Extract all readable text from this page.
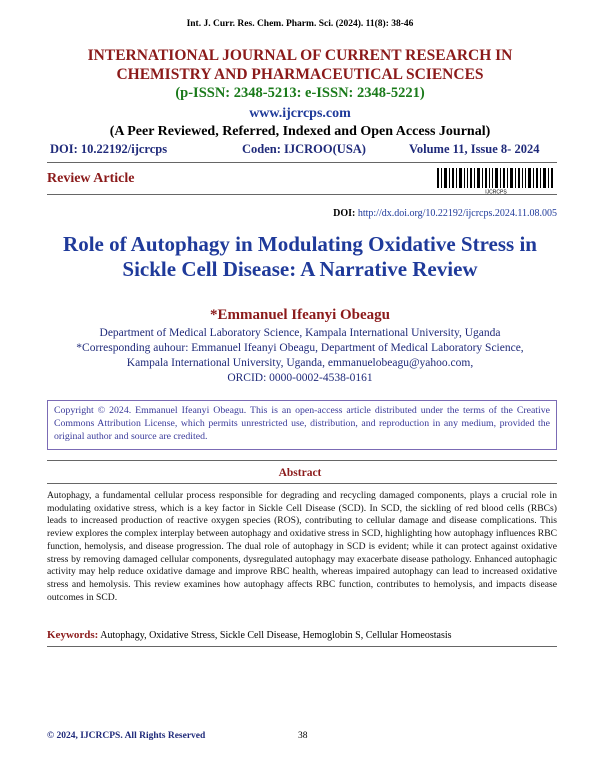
Int. J. Curr. Res. Chem. Pharm. Sci. (2024). 11(8): 38-46
INTERNATIONAL JOURNAL OF CURRENT RESEARCH IN
CHEMISTRY AND PHARMACEUTICAL SCIENCES
(p-ISSN: 2348-5213: e-ISSN: 2348-5221)
www.ijcrcps.com
(A Peer Reviewed, Referred, Indexed and Open Access Journal)
DOI: 10.22192/ijcrcps	Coden: IJCROO(USA)	Volume 11, Issue 8- 2024
Review Article
IJCRCPS
DOI: http://dx.doi.org/10.22192/ijcrcps.2024.11.08.005
Role of Autophagy in Modulating Oxidative Stress in
Sickle Cell Disease: A Narrative Review
*Emmanuel Ifeanyi Obeagu
Department of Medical Laboratory Science, Kampala International University, Uganda
*Corresponding auhour: Emmanuel Ifeanyi Obeagu, Department of Medical Laboratory Science,
Kampala International University, Uganda, emmanuelobeagu@yahoo.com,
ORCID: 0000-0002-4538-0161
Copyright © 2024. Emmanuel Ifeanyi Obeagu. This is an open-access article distributed under the terms of the Creative Commons Attribution License, which permits unrestricted use, distribution, and reproduction in any medium, provided the original author and source are credited.
Abstract
Autophagy, a fundamental cellular process responsible for degrading and recycling damaged components, plays a crucial role in modulating oxidative stress, which is a key factor in Sickle Cell Disease (SCD). In SCD, the sickling of red blood cells (RBCs) leads to increased production of reactive oxygen species (ROS), contributing to cellular damage and disease complications. This review explores the complex interplay between autophagy and oxidative stress in SCD, highlighting how autophagy influences RBC function, hemolysis, and disease progression. The dual role of autophagy in SCD is evident; while it can protect against oxidative stress by removing damaged cellular components, dysregulated autophagy may exacerbate disease pathology. Enhanced autophagic activity may help reduce oxidative damage and improve RBC health, whereas impaired autophagy can lead to increased oxidative stress and hemolysis. This review examines how autophagy affects RBC function, contributes to hemolysis, and impacts disease outcomes in SCD.
Keywords: Autophagy, Oxidative Stress, Sickle Cell Disease, Hemoglobin S, Cellular Homeostasis
© 2024, IJCRCPS. All Rights Reserved	38
